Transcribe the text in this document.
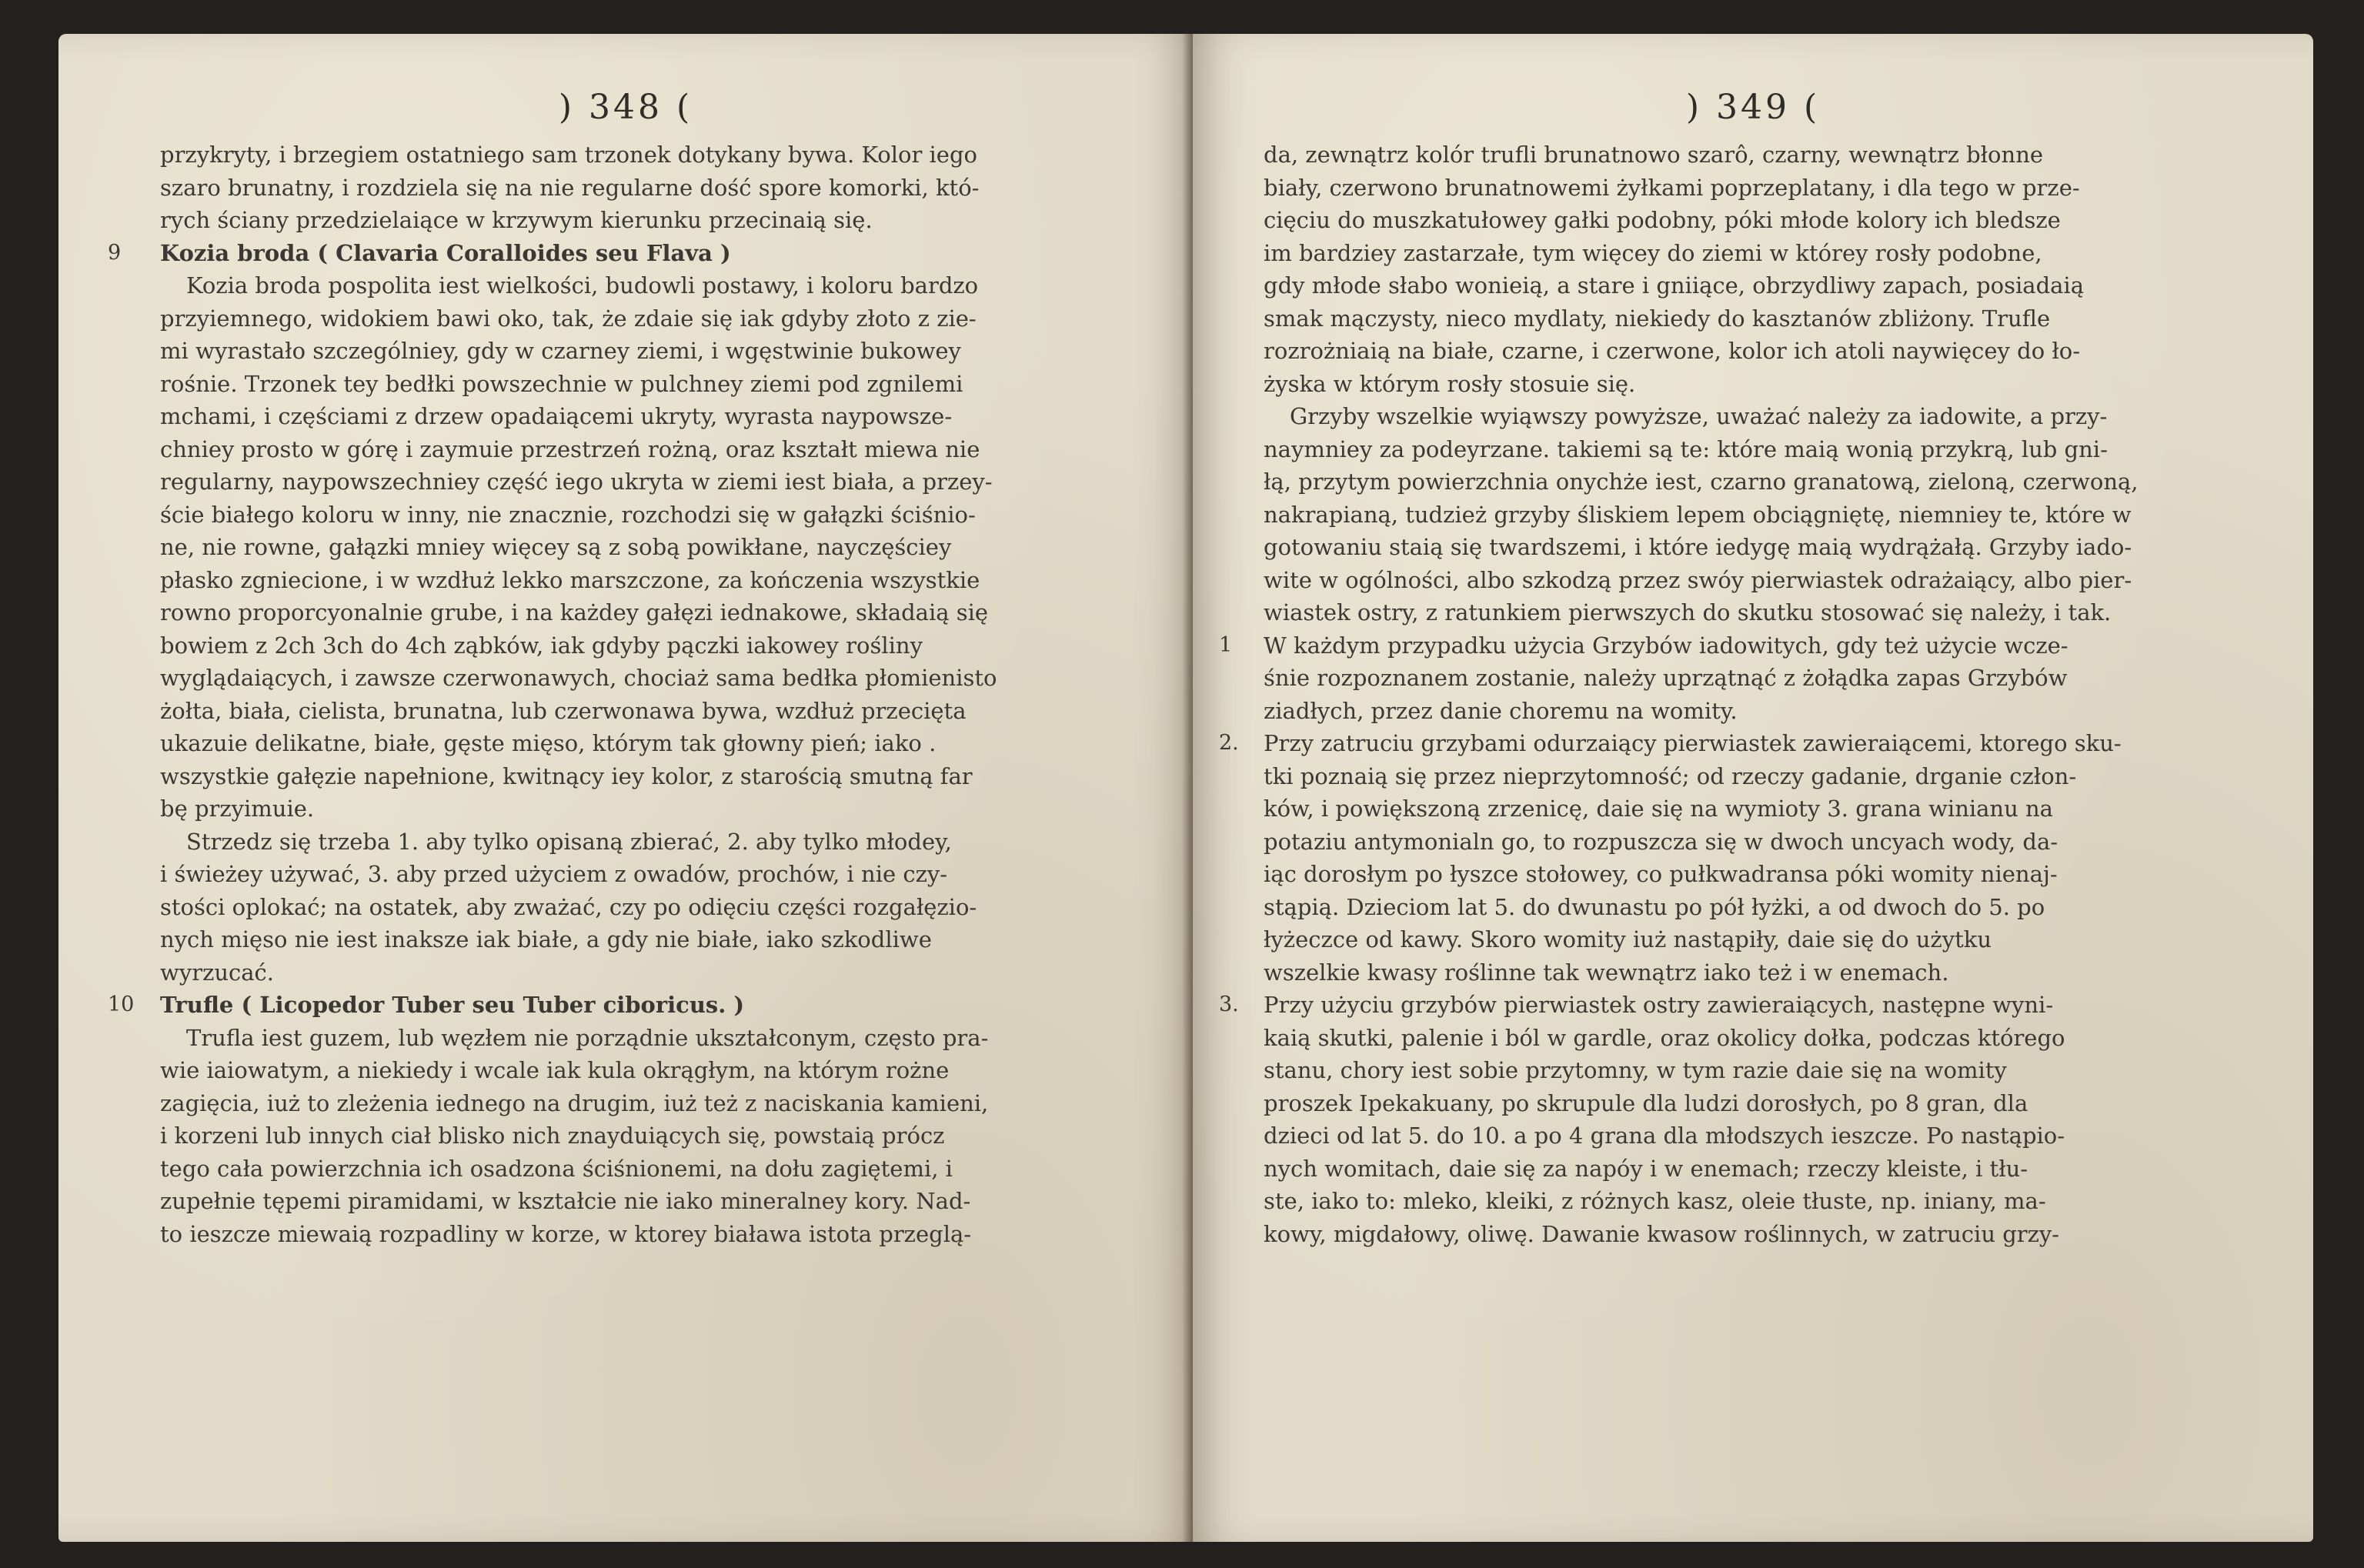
) 348 (
przykryty, i brzegiem ostatniego sam trzonek dotykany bywa. Kolor iego
szaro brunatny, i rozdziela się na nie regularne dość spore komorki, któ-
rych ściany przedzielaiące w krzywym kierunku przecinaią się.
9 Kozia broda ( Clavaria Coralloides seu Flava )
Kozia broda pospolita iest wielkości, budowli postawy, i koloru bardzo
przyiemnego, widokiem bawi oko, tak, że zdaie się iak gdyby złoto z zie-
mi wyrastało szczególniey, gdy w czarney ziemi, i wgęstwinie bukowey
rośnie. Trzonek tey bedłki powszechnie w pulchney ziemi pod zgnilemi
mchami, i częściami z drzew opadaiącemi ukryty, wyrasta naypowsze-
chniey prosto w górę i zaymuie przestrzeń rożną, oraz kształt miewa nie
regularny, naypowszechniey część iego ukryta w ziemi iest biała, a przey-
ście białego koloru w inny, nie znacznie, rozchodzi się w gałązki ściśnio-
ne, nie rowne, gałązki mniey więcey są z sobą powikłane, nayczęściey
płasko zgniecione, i w wzdłuż lekko marszczone, za kończenia wszystkie
rowno proporcyonalnie grube, i na każdey gałęzi iednakowe, składaią się
bowiem z 2ch 3ch do 4ch ząbków, iak gdyby pączki iakowey rośliny
wyglądaiących, i zawsze czerwonawych, chociaż sama bedłka płomienisto
żołta, biała, cielista, brunatna, lub czerwonawa bywa, wzdłuż przecięta
ukazuie delikatne, białe, gęste mięso, którym tak głowny pień; iako .
wszystkie gałęzie napełnione, kwitnący iey kolor, z starością smutną far
bę przyimuie.
Strzedz się trzeba 1. aby tylko opisaną zbierać, 2. aby tylko młodey,
i świeżey używać, 3. aby przed użyciem z owadów, prochów, i nie czy-
stości oplokać; na ostatek, aby zważać, czy po odięciu części rozgałęzio-
nych mięso nie iest inaksze iak białe, a gdy nie białe, iako szkodliwe
wyrzucać.
10 Trufle ( Licopedor Tuber seu Tuber ciboricus. )
Trufla iest guzem, lub węzłem nie porządnie ukształconym, często pra-
wie iaiowatym, a niekiedy i wcale iak kula okrągłym, na którym rożne
zagięcia, iuż to zleżenia iednego na drugim, iuż też z naciskania kamieni,
i korzeni lub innych ciał blisko nich znayduiących się, powstaią prócz
tego cała powierzchnia ich osadzona ściśnionemi, na dołu zagiętemi, i
zupełnie tępemi piramidami, w kształcie nie iako mineralney kory. Nad-
to ieszcze miewaią rozpadliny w korze, w ktorey biaława istota przeglą-
) 349 (
da, zewnątrz kolór trufli brunatnowo szarô, czarny, wewnątrz błonne
biały, czerwono brunatnowemi żyłkami poprzeplatany, i dla tego w prze-
cięciu do muszkatułowey gałki podobny, póki młode kolory ich bledsze
im bardziey zastarzałe, tym więcey do ziemi w którey rosły podobne,
gdy młode słabo wonieią, a stare i gniiące, obrzydliwy zapach, posiadaią
smak mączysty, nieco mydlaty, niekiedy do kasztanów zbliżony. Trufle
rozrożniaią na białe, czarne, i czerwone, kolor ich atoli naywięcey do ło-
żyska w którym rosły stosuie się.
Grzyby wszelkie wyiąwszy powyższe, uważać należy za iadowite, a przy-
naymniey za podeyrzane. takiemi są te: które maią wonią przykrą, lub gni-
łą, przytym powierzchnia onychże iest, czarno granatową, zieloną, czerwoną,
nakrapianą, tudzież grzyby śliskiem lepem obciągniętę, niemniey te, które w
gotowaniu staią się twardszemi, i które iedygę maią wydrążałą. Grzyby iado-
wite w ogólności, albo szkodzą przez swóy pierwiastek odrażaiący, albo pier-
wiastek ostry, z ratunkiem pierwszych do skutku stosować się należy, i tak.
1 W każdym przypadku użycia Grzybów iadowitych, gdy też użycie wcze-
śnie rozpoznanem zostanie, należy uprzątnąć z żołądka zapas Grzybów
ziadłych, przez danie choremu na womity.
2. Przy zatruciu grzybami odurzaiący pierwiastek zawieraiącemi, ktorego sku-
tki poznaią się przez nieprzytomność; od rzeczy gadanie, drganie człon-
ków, i powiększoną zrzenicę, daie się na wymioty 3. grana winianu na
potaziu antymonialn go, to rozpuszcza się w dwoch uncyach wody, da-
iąc dorosłym po łyszce stołowey, co pułkwadransa póki womity nienaj-
stąpią. Dzieciom lat 5. do dwunastu po pół łyżki, a od dwoch do 5. po
łyżeczce od kawy. Skoro womity iuż nastąpiły, daie się do użytku
wszelkie kwasy roślinne tak wewnątrz iako też i w enemach.
3. Przy użyciu grzybów pierwiastek ostry zawieraiących, następne wyni-
kaią skutki, palenie i ból w gardle, oraz okolicy dołka, podczas którego
stanu, chory iest sobie przytomny, w tym razie daie się na womity
proszek Ipekakuany, po skrupule dla ludzi dorosłych, po 8 gran, dla
dzieci od lat 5. do 10. a po 4 grana dla młodszych ieszcze. Po nastąpio-
nych womitach, daie się za napóy i w enemach; rzeczy kleiste, i tłu-
ste, iako to: mleko, kleiki, z różnych kasz, oleie tłuste, np. iniany, ma-
kowy, migdałowy, oliwę. Dawanie kwasow roślinnych, w zatruciu grzy-
